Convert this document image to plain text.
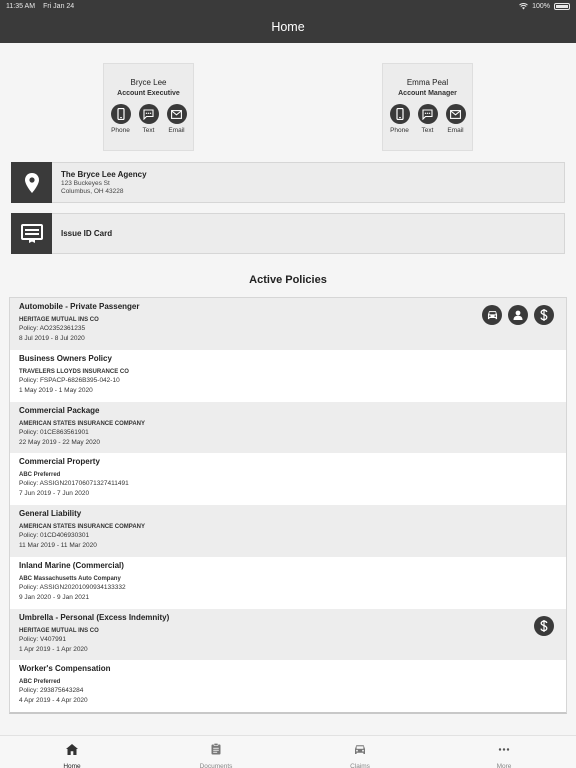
11:35 AM Fri Jan 24	100%
Home
Bryce Lee
Account Executive
Phone Text Email
Emma Peal
Account Manager
Phone Text Email
The Bryce Lee Agency
123 Buckeyes St
Columbus, OH 43228
Issue ID Card
Active Policies
Automobile - Private Passenger
HERITAGE MUTUAL INS CO
Policy: AO2352361235
8 Jul 2019 - 8 Jul 2020
Business Owners Policy
TRAVELERS LLOYDS INSURANCE CO
Policy: FSPACP-6826B395-042-10
1 May 2019 - 1 May 2020
Commercial Package
AMERICAN STATES INSURANCE COMPANY
Policy: 01CE863561901
22 May 2019 - 22 May 2020
Commercial Property
ABC Preferred
Policy: ASSIGN20170607132741149​1
7 Jun 2019 - 7 Jun 2020
General Liability
AMERICAN STATES INSURANCE COMPANY
Policy: 01CD406930301
11 Mar 2019 - 11 Mar 2020
Inland Marine (Commercial)
ABC Massachusetts Auto Company
Policy: ASSIGN20201090934133332
9 Jan 2020 - 9 Jan 2021
Umbrella - Personal (Excess Indemnity)
HERITAGE MUTUAL INS CO
Policy: V407991
1 Apr 2019 - 1 Apr 2020
Worker's Compensation
ABC Preferred
Policy: 293875643284
4 Apr 2019 - 4 Apr 2020
Home	Documents	Claims	More
